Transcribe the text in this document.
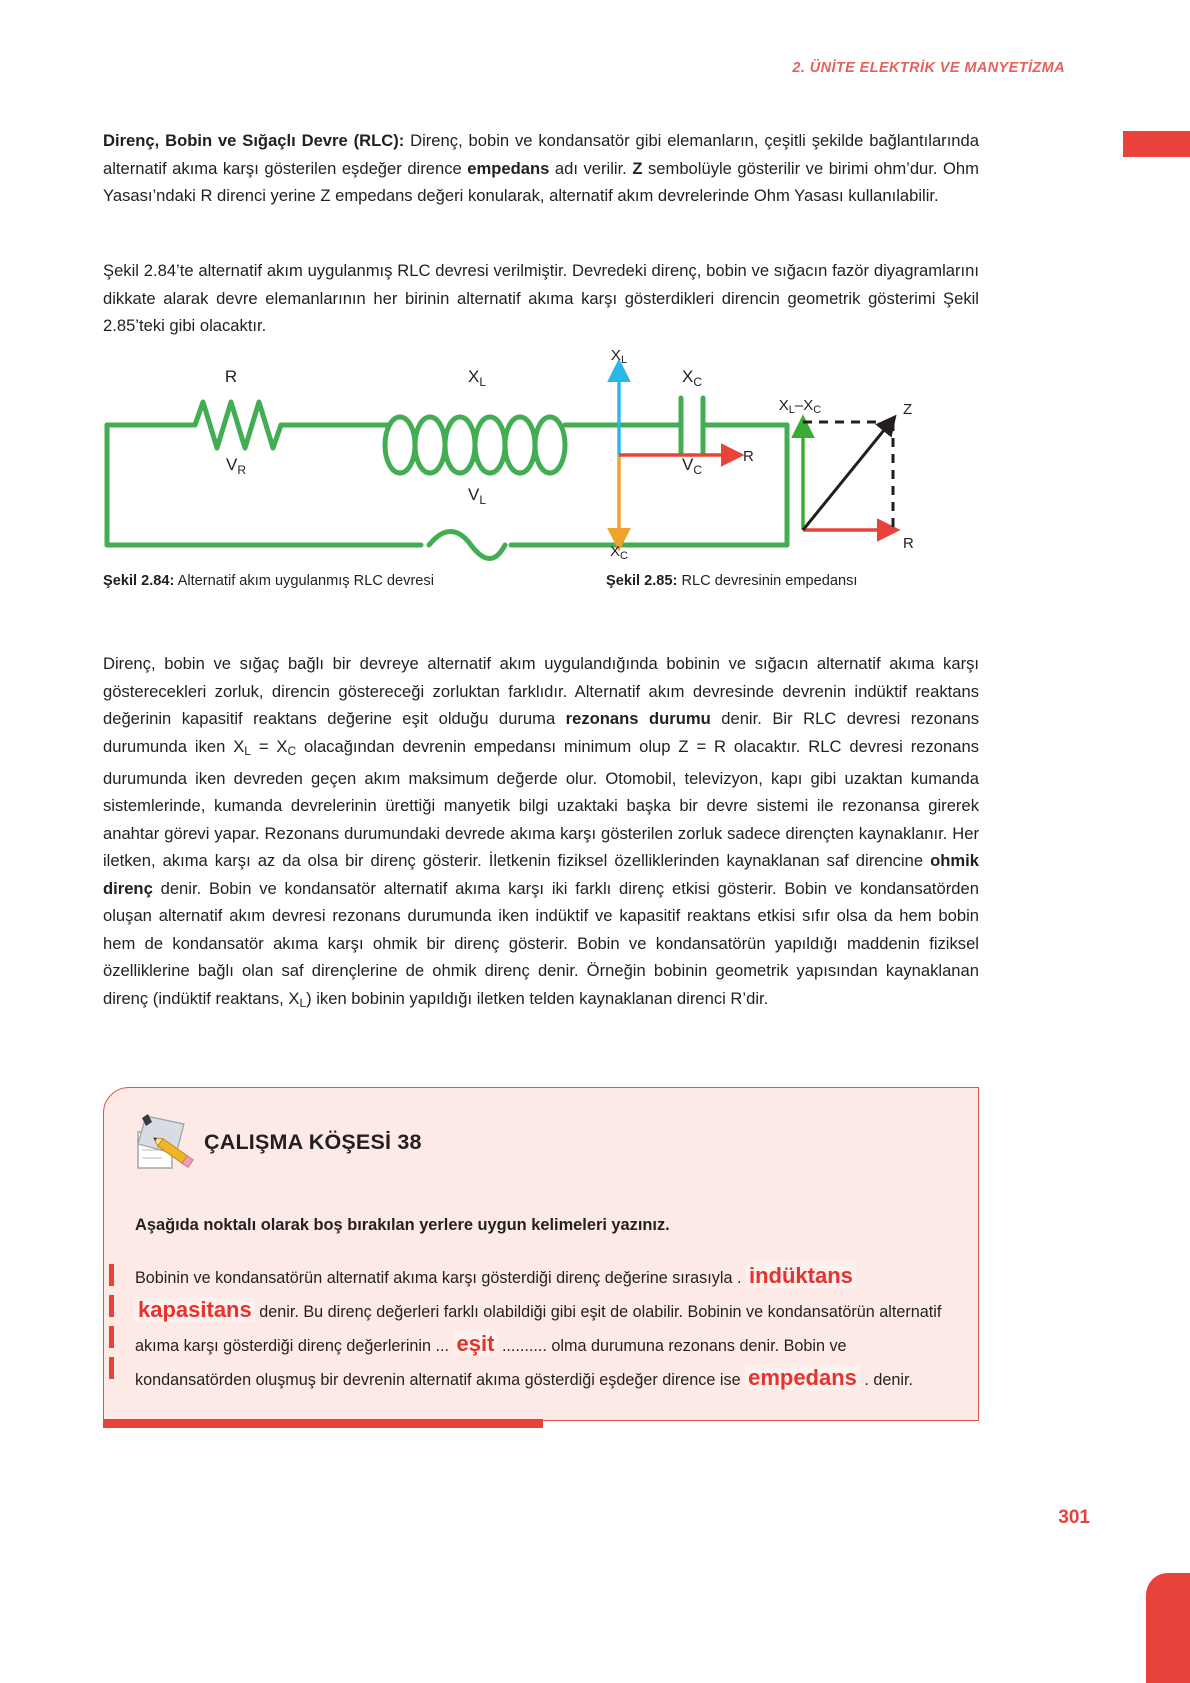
2. ÜNİTE ELEKTRİK VE MANYETİZMA
Direnç, Bobin ve Sığaçlı Devre (RLC): Direnç, bobin ve kondansatör gibi elemanların, çeşitli şekilde bağlantılarında alternatif akıma karşı gösterilen eşdeğer dirence empedans adı verilir. Z sembolüyle gösterilir ve birimi ohm’dur. Ohm Yasası’ndaki R direnci yerine Z empedans değeri konularak, alternatif akım devrelerinde Ohm Yasası kullanılabilir.
Şekil 2.84’te alternatif akım uygulanmış RLC devresi verilmiştir. Devredeki direnç, bobin ve sığacın fazör diyagramlarını dikkate alarak devre elemanlarının her birinin alternatif akıma karşı gösterdikleri direncin geometrik gösterimi Şekil 2.85’teki gibi olacaktır.
R
$V_R$
$X_L$
$V_L$
$X_C$
$V_C$
$X_L$
$X_C$
R
$X_L-X_C$	Z
R
Şekil 2.84: Alternatif akım uygulanmış RLC devresi	Şekil 2.85: RLC devresinin empedansı
Direnç, bobin ve sığaç bağlı bir devreye alternatif akım uygulandığında bobinin ve sığacın alternatif akıma karşı gösterecekleri zorluk, direncin göstereceği zorluktan farklıdır. Alternatif akım devresinde devrenin indüktif reaktans değerinin kapasitif reaktans değerine eşit olduğu duruma rezonans durumu denir. Bir RLC devresi rezonans durumunda iken $X_L = X_C$ olacağından devrenin empedansı minimum olup Z = R olacaktır. RLC devresi rezonans durumunda iken devreden geçen akım maksimum değerde olur. Otomobil, televizyon, kapı gibi uzaktan kumanda sistemlerinde, kumanda devrelerinin ürettiği manyetik bilgi uzaktaki başka bir devre sistemi ile rezonansa girerek anahtar görevi yapar. Rezonans durumundaki devrede akıma karşı gösterilen zorluk sadece dirençten kaynaklanır. Her iletken, akıma karşı az da olsa bir direnç gösterir. İletkenin fiziksel özelliklerinden kaynaklanan saf direncine ohmik direnç denir. Bobin ve kondansatör alternatif akıma karşı iki farklı direnç etkisi gösterir. Bobin ve kondansatörden oluşan alternatif akım devresi rezonans durumunda iken indüktif ve kapasitif reaktans etkisi sıfır olsa da hem bobin hem de kondansatör akıma karşı ohmik bir direnç gösterir. Bobin ve kondansatörün yapıldığı maddenin fiziksel özelliklerine bağlı olan saf dirençlerine de ohmik direnç denir. Örneğin bobinin geometrik yapısından kaynaklanan direnç (indüktif reaktans, $X_L$) iken bobinin yapıldığı iletken telden kaynaklanan direnci R’dir.
ÇALIŞMA KÖŞESİ 38
Aşağıda noktalı olarak boş bırakılan yerlere uygun kelimeleri yazınız.
Bobinin ve kondansatörün alternatif akıma karşı gösterdiği direnç değerine sırasıyla . indüktans kapasitans denir. Bu direnç değerleri farklı olabildiği gibi eşit de olabilir. Bobinin ve kondansatörün alternatif akıma karşı gösterdiği direnç değerlerinin ... eşit .......... olma durumuna rezonans denir. Bobin ve kondansatörden oluşmuş bir devrenin alternatif akıma gösterdiği eşdeğer dirence ise empedans . denir.
301
